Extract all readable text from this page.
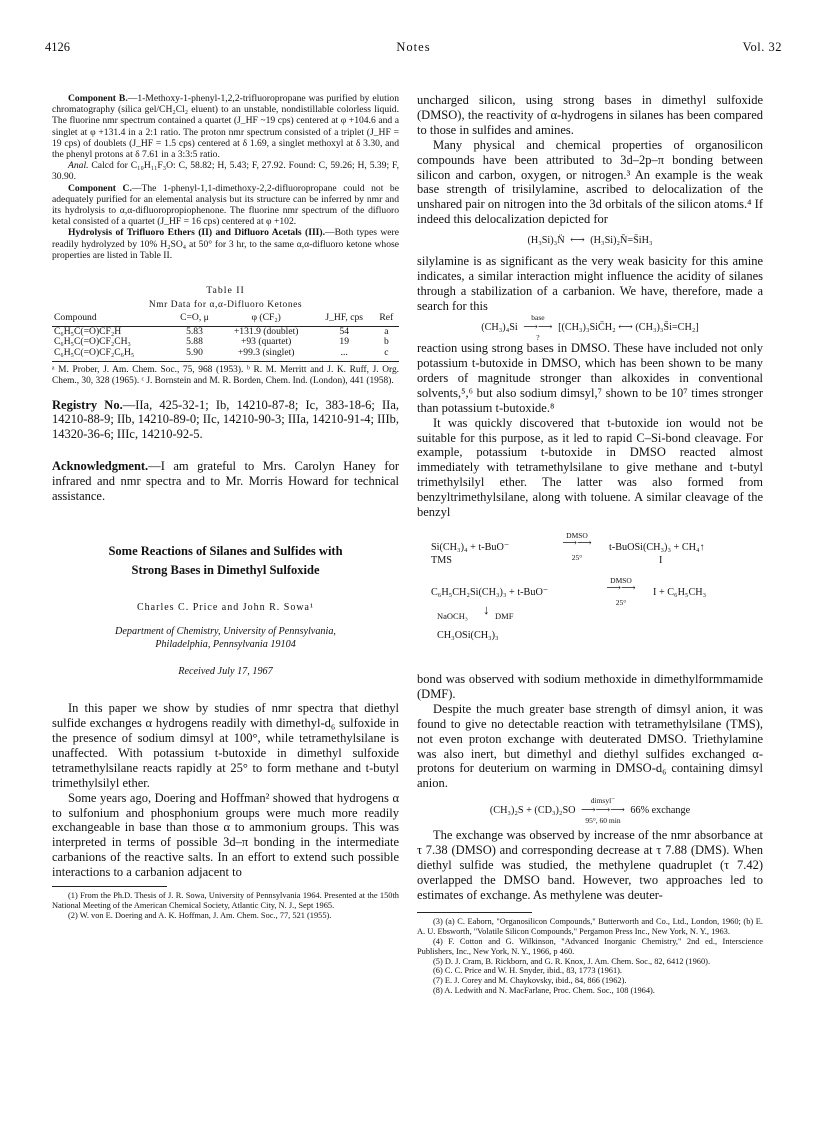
4126	Notes	Vol. 32

Component B.—1-Methoxy-1-phenyl-1,2,2-trifluoropropane was purified by elution chromatography (silica gel/CH₂Cl₂ eluent) to an unstable, nondistillable colorless liquid. The fluorine nmr spectrum contained a quartet (J_HF ~19 cps) centered at φ +104.6 and a singlet at φ +131.4 in a 2:1 ratio. The proton nmr spectrum consisted of a triplet (J_HF = 19 cps) of doublets (J_HF = 1.5 cps) centered at δ 1.69, a singlet methoxyl at δ 3.30, and the phenyl protons at δ 7.61 in a 3:3:5 ratio.

Anal. Calcd for C₁₀H₁₁F₃O: C, 58.82; H, 5.43; F, 27.92. Found: C, 59.26; H, 5.39; F, 30.90.

Component C.—The 1-phenyl-1,1-dimethoxy-2,2-difluoropropane could not be adequately purified for an elemental analysis but its structure can be inferred by nmr and its hydrolysis to α,α-difluoropropiophenone. The fluorine nmr spectrum of the difluoro ketal consisted of a quartet (J_HF = 16 cps) centered at φ +102.

Hydrolysis of Trifluoro Ethers (II) and Difluoro Acetals (III).—Both types were readily hydrolyzed by 10% H₂SO₄ at 50° for 3 hr, to the same α,α-difluoro ketone whose properties are listed in Table II.

Table II
Nmr Data for α,α-Difluoro Ketones
Compound	C=O, μ	φ (CF₂)	J_HF, cps	Ref
C₆H₅C(=O)CF₂H	5.83	+131.9 (doublet)	54	a
C₆H₅C(=O)CF₂CH₃	5.88	+93 (quartet)	19	b
C₆H₅C(=O)CF₂C₆H₅	5.90	+99.3 (singlet)	...	c

ᵃ M. Prober, J. Am. Chem. Soc., 75, 968 (1953). ᵇ R. M. Merritt and J. K. Ruff, J. Org. Chem., 30, 328 (1965). ᶜ J. Bornstein and M. R. Borden, Chem. Ind. (London), 441 (1958).

Registry No.—IIa, 425-32-1; Ib, 14210-87-8; Ic, 383-18-6; IIa, 14210-88-9; IIb, 14210-89-0; IIc, 14210-90-3; IIIa, 14210-91-4; IIIb, 14320-36-6; IIIc, 14210-92-5.

Acknowledgment.—I am grateful to Mrs. Carolyn Haney for infrared and nmr spectra and to Mr. Morris Howard for technical assistance.

Some Reactions of Silanes and Sulfides with
Strong Bases in Dimethyl Sulfoxide
Charles C. Price and John R. Sowa¹
Department of Chemistry, University of Pennsylvania,
Philadelphia, Pennsylvania 19104
Received July 17, 1967

In this paper we show by studies of nmr spectra that diethyl sulfide exchanges α hydrogens readily with dimethyl-d₆ sulfoxide in the presence of sodium dimsyl at 100°, while tetramethylsilane is unaffected. With potassium t-butoxide in dimethyl sulfoxide tetramethylsilane reacts rapidly at 25° to form methane and t-butyl trimethylsilyl ether.

Some years ago, Doering and Hoffman² showed that hydrogens α to sulfonium and phosphonium groups were much more readily exchangeable in base than those α to ammonium groups. This was interpreted in terms of possible 3d–π bonding in the intermediate carbanions of the reactive salts. In an effort to extend such possible interactions to a carbanion adjacent to

(1) From the Ph.D. Thesis of J. R. Sowa, University of Pennsylvania 1964. Presented at the 150th National Meeting of the American Chemical Society, Atlantic City, N. J., Sept 1965.

(2) W. von E. Doering and A. K. Hoffman, J. Am. Chem. Soc., 77, 521 (1955).

uncharged silicon, using strong bases in dimethyl sulfoxide (DMSO), the reactivity of α-hydrogens in silanes has been compared to those in sulfides and amines.

Many physical and chemical properties of organosilicon compounds have been attributed to 3d–2p–π bonding between silicon and carbon, oxygen, or nitrogen.³ An example is the weak base strength of trisilylamine, ascribed to delocalization of the unshared pair on nitrogen into the 3d orbitals of the silicon atoms.⁴ If indeed this delocalization depicted for

(H₃Si)₃N̈ ⟷ (H₃Si)₂N̄=S̄iH₃

silylamine is as significant as the very weak basicity for this amine indicates, a similar interaction might influence the acidity of silanes through a stabilization of a carbanion. We have, therefore, made a search for this

(CH₃)₄Si
base
⟶⟶
?
[(CH₃)₃SiC̄H₂ ⟷ (CH₃)₃S̄i=CH₂]

reaction using strong bases in DMSO. These have included not only potassium t-butoxide in DMSO, which has been shown to be many orders of magnitude stronger than alkoxides in conventional solvents,⁵,⁶ but also sodium dimsyl,⁷ shown to be 10⁷ times stronger than potassium t-butoxide.⁸

It was quickly discovered that t-butoxide ion would not be suitable for this purpose, as it led to rapid C–Si-bond cleavage. For example, potassium t-butoxide in DMSO reacted almost immediately with tetramethylsilane to give methane and t-butyl trimethylsilyl ether. The latter was also formed from benzyltrimethylsilane, along with toluene. A similar cleavage of the benzyl

Si(CH₃)₄ + t-BuO⁻
DMSO
⟶⟶
25°
t-BuOSi(CH₃)₃ + CH₄↑
TMS	I
C₆H₅CH₂Si(CH₃)₃ + t-BuO⁻
DMSO
⟶⟶
25°
I + C₆H₅CH₃
NaOCH₃ ↓ DMF
CH₃OSi(CH₃)₃

bond was observed with sodium methoxide in dimethylformmamide (DMF).

Despite the much greater base strength of dimsyl anion, it was found to give no detectable reaction with tetramethylsilane (TMS), not even proton exchange with deuterated DMSO. Triethylamine was also inert, but dimethyl and diethyl sulfides exchanged α-protons for deuterium on warming in DMSO-d₆ containing dimsyl anion.

(CH₃)₂S + (CD₃)₂SO
dimsyl⁻
⟶⟶⟶
95°, 60 min
66% exchange

The exchange was observed by increase of the nmr absorbance at τ 7.38 (DMSO) and corresponding decrease at τ 7.88 (DMS). When diethyl sulfide was studied, the methylene quadruplet (τ 7.42) overlapped the DMSO band. However, two approaches led to estimates of exchange. As methylene was deuter-

(3) (a) C. Eaborn, "Organosilicon Compounds," Butterworth and Co., Ltd., London, 1960; (b) E. A. U. Ebsworth, "Volatile Silicon Compounds," Pergamon Press Inc., New York, N. Y., 1963.

(4) F. Cotton and G. Wilkinson, "Advanced Inorganic Chemistry," 2nd ed., Interscience Publishers, Inc., New York, N. Y., 1966, p 460.

(5) D. J. Cram, B. Rickborn, and G. R. Knox, J. Am. Chem. Soc., 82, 6412 (1960).

(6) C. C. Price and W. H. Snyder, ibid., 83, 1773 (1961).

(7) E. J. Corey and M. Chaykovsky, ibid., 84, 866 (1962).

(8) A. Ledwith and N. MacFarlane, Proc. Chem. Soc., 108 (1964).
